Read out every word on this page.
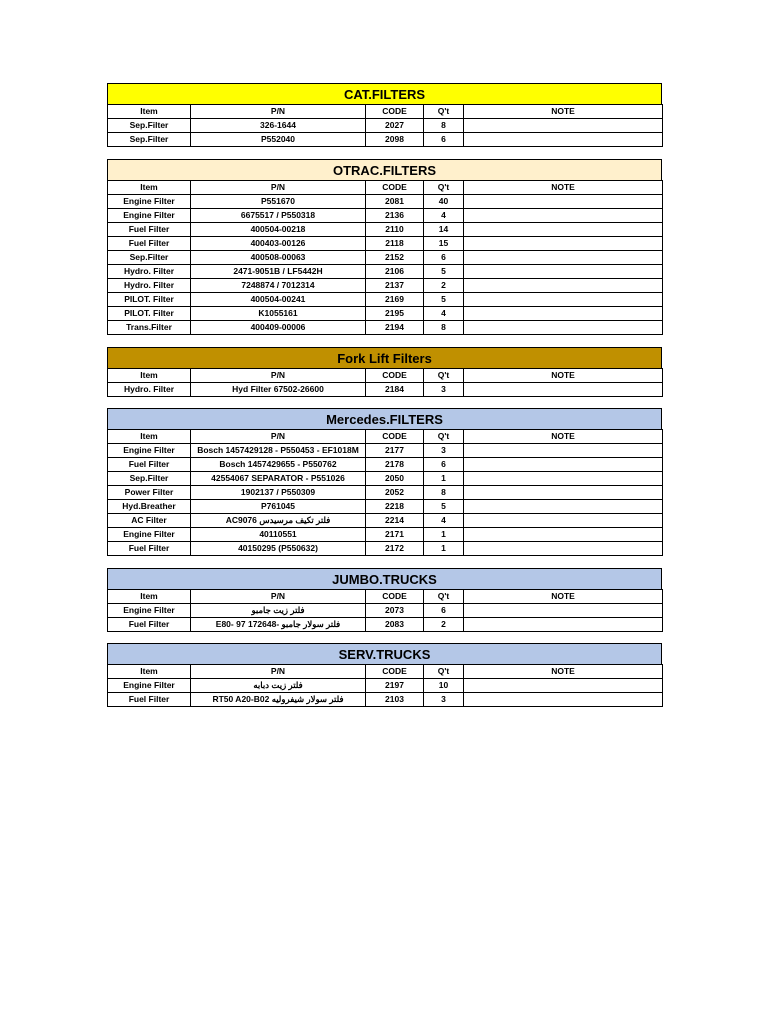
CAT.FILTERS
Item	P/N	CODE	Q't	NOTE
Sep.Filter	326-1644	2027	8	
Sep.Filter	P552040	2098	6	
OTRAC.FILTERS
Item	P/N	CODE	Q't	NOTE
Engine Filter	P551670	2081	40	
Engine Filter	6675517 / P550318	2136	4	
Fuel Filter	400504-00218	2110	14	
Fuel Filter	400403-00126	2118	15	
Sep.Filter	400508-00063	2152	6	
Hydro. Filter	2471-9051B / LF5442H	2106	5	
Hydro. Filter	7248874 / 7012314	2137	2	
PILOT. Filter	400504-00241	2169	5	
PILOT. Filter	K1055161	2195	4	
Trans.Filter	400409-00006	2194	8	
Fork Lift Filters
Item	P/N	CODE	Q't	NOTE
Hydro. Filter	Hyd Filter 67502-26600	2184	3	
Mercedes.FILTERS
Item	P/N	CODE	Q't	NOTE
Engine Filter	Bosch 1457429128 - P550453 - EF1018M	2177	3	
Fuel Filter	Bosch 1457429655 - P550762	2178	6	
Sep.Filter	42554067 SEPARATOR - P551026	2050	1	
Power Filter	1902137 / P550309	2052	8	
Hyd.Breather	P761045	2218	5	
AC Filter	فلتر تكيف مرسيدس AC9076	2214	4	
Engine Filter	40110551	2171	1	
Fuel Filter	40150295 (P550632)	2172	1	
JUMBO.TRUCKS
Item	P/N	CODE	Q't	NOTE
Engine Filter	فلتر زيت جامبو	2073	6	
Fuel Filter	Eفلتر سولار جامبو -172648 97 -80	2083	2	
SERV.TRUCKS
Item	P/N	CODE	Q't	NOTE
Engine Filter	فلتر زيت دبابه	2197	10	
Fuel Filter	فلتر سولار شيفروليه RT50 A20-B02	2103	3	
